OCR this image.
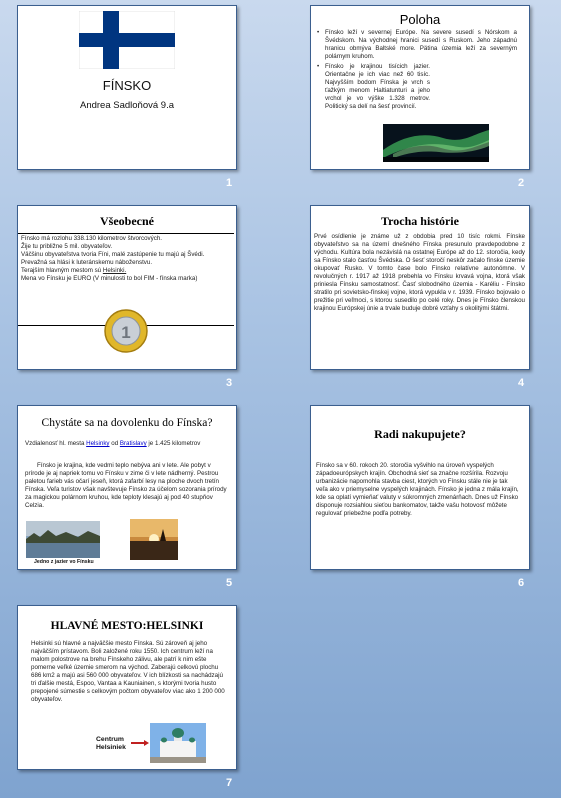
FÍNSKO
Andrea Sadloňová 9.a
1
Poloha
• Fínsko leží v severnej Európe. Na severe susedí s Nórskom a Švédskom. Na východnej hranici susedí s Ruskom. Jeho západnú hranicu obmýva Baltské more. Pätina územia leží za severným polárnym kruhom.
• Fínsko je krajinou tisícich jazier. Orientačne je ich viac než 60 tisíc. Najvyšším bodom Fínska je vrch s ťažkým menom Haltiatunturi a jeho vrchol je vo výške 1.328 metrov. Politický sa delí na šesť provincií.
2
Všeobecné
Fínsko má rozlohu 338.130 kilometrov štvorcových.
Žije tu približne 5 mil. obyvateľov.
Väčšinu obyvateľstva tvoria Fíni, malé zastúpenie tu majú aj Švédi. Prevažná sa hlási k luteránskemu náboženstvu.
Terajším hlavným mestom sú Helsinki.
Mena vo Fínsku je EURO (V minulosti to bol FIM - fínska marka)
1
3
Trocha histórie
Prvé osídlenie je známe už z obdobia pred 10 tisíc rokmi. Fínske obyvateľstvo sa na území dnešného Fínska presunulo pravdepodobne z východu. Kultúra bola nezávislá na ostatnej Európe až do 12. storočia, kedy sa Fínsko stalo časťou Švédska. O šesť storočí neskôr začalo fínske územie okupovať Rusko. V tomto čase bolo Fínsko relatívne autonómne. V revolučných r. 1917 až 1918 prebehla vo Fínsku krvavá vojna, ktorá však priniesla Fínsku samostatnosť. Časť slobodného územia - Karéliu - Fínsko stratilo pri sovietsko-fínskej vojne, ktorá vypukla v r. 1939. Fínsko bojovalo o prežitie pri veľmoci, s ktorou susedilo po celé roky. Dnes je Fínsko členskou krajinou Európskej únie a trvale buduje dobré vzťahy s okolitými štátmi.
4
Chystáte sa na dovolenku do Fínska?
Vzdialenosť hl. mesta Helsinky od Bratislavy je 1.425 kilometrov
Fínsko je krajina, kde vedmi teplo nebýva ani v lete. Ale pobyt v prírode je aj napriek tomu vo Fínsku v zime či v lete nádherný. Pestrou paletou farieb vás očarí jeseň, ktorá zafarbí lesy na ploche dvoch tretín Fínska. Veľa turistov však navštevuje Fínsko za účelom sozorania prírody za magickou polárnom kruhou, kde teploty klesajú aj pod 40 stupňov Celzia.
Jedno z jazier vo Fínsku
5
Radi nakupujete?
Fínsko sa v 60. rokoch 20. storočia vyšvihlo na úroveň vyspelých západoeurópskych krajín. Obchodná sieť sa značne rozšírila. Rozvoju urbanizácie napomohla stavba ciest, ktorých vo Fínsku stále nie je tak veľa ako v priemyselne vyspelých krajinách. Fínsko je jedna z mála krajín, kde sa oplatí vymieňať valuty v súkromných zmenárňach. Dnes už Fínsko disponuje rozsiahlou sieťou bankomatov, takže vašu hotovosť môžete regulovať priebežne podľa potreby.
6
HLAVNÉ MESTO:HELSINKI
Helsinki sú hlavné a najväčšie mesto Fínska. Sú zároveň aj jeho najväčším prístavom. Boli založené roku 1550. Ich centrum leží na malom polostrove na brehu Fínskeho zálivu, ale patrí k nim ešte pomerne veľké územie smerom na východ. Zaberajú celkovú plochu 686 km2 a majú asi 560 000 obyvateľov. V ich blízkosti sa nachádzajú tri ďalšie mestá, Espoo, Vantaa a Kauniainen, s ktorými tvoria husto prepojené súmestie s celkovým počtom obyvateľov viac ako 1 200 000 obyvateľov.
Centrum
Helsiniek
7
